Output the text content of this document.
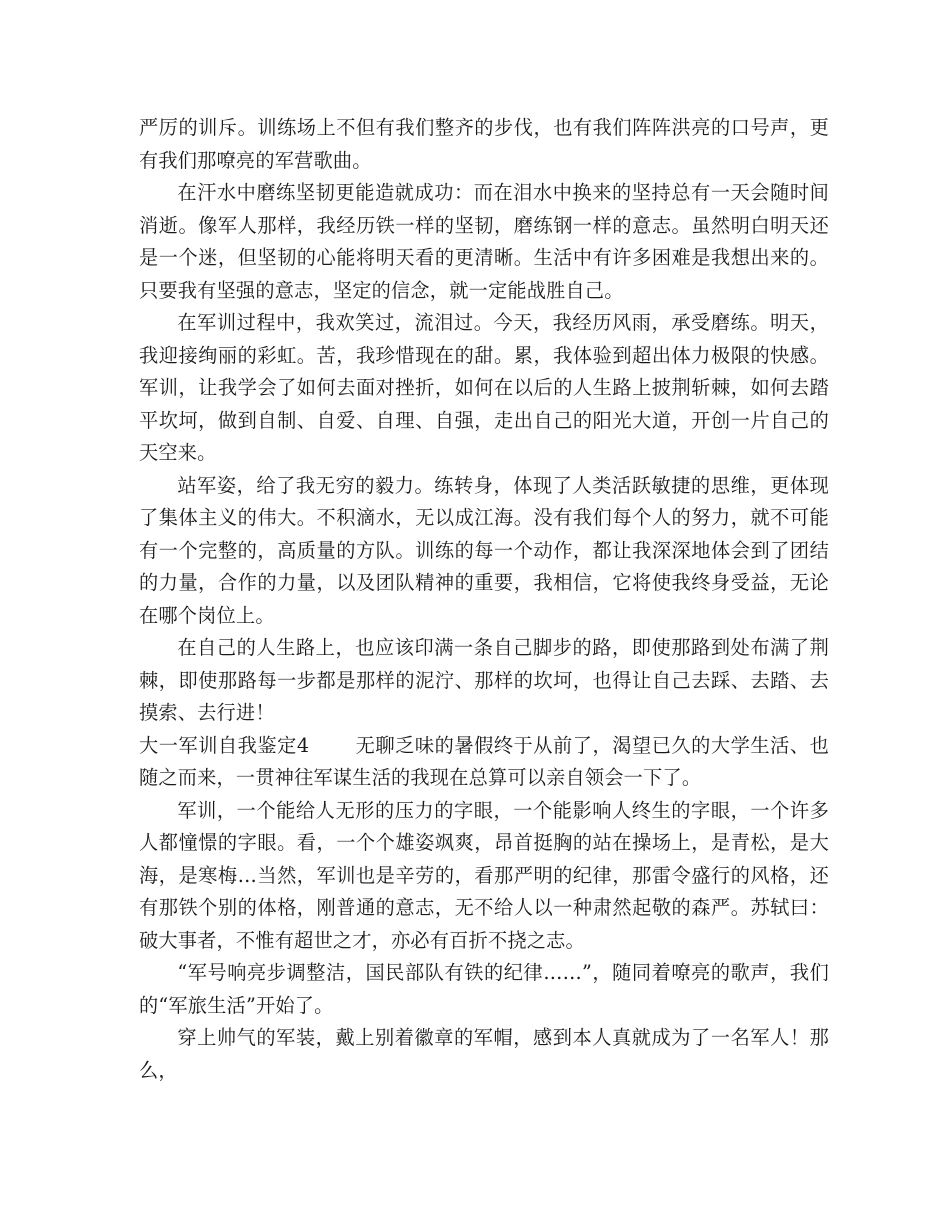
严厉的训斥。训练场上不但有我们整齐的步伐，也有我们阵阵洪亮的口号声，更有我们那嘹亮的军营歌曲。

在汗水中磨练坚韧更能造就成功：而在泪水中换来的坚持总有一天会随时间消逝。像军人那样，我经历铁一样的坚韧，磨练钢一样的意志。虽然明白明天还是一个迷，但坚韧的心能将明天看的更清晰。生活中有许多困难是我想出来的。只要我有坚强的意志，坚定的信念，就一定能战胜自己。

在军训过程中，我欢笑过，流泪过。今天，我经历风雨，承受磨练。明天，我迎接绚丽的彩虹。苦，我珍惜现在的甜。累，我体验到超出体力极限的快感。军训，让我学会了如何去面对挫折，如何在以后的人生路上披荆斩棘，如何去踏平坎坷，做到自制、自爱、自理、自强，走出自己的阳光大道，开创一片自己的天空来。

站军姿，给了我无穷的毅力。练转身，体现了人类活跃敏捷的思维，更体现了集体主义的伟大。不积滴水，无以成江海。没有我们每个人的努力，就不可能有一个完整的，高质量的方队。训练的每一个动作，都让我深深地体会到了团结的力量，合作的力量，以及团队精神的重要，我相信，它将使我终身受益，无论在哪个岗位上。

在自己的人生路上，也应该印满一条自己脚步的路，即使那路到处布满了荆棘，即使那路每一步都是那样的泥泞、那样的坎坷，也得让自己去踩、去踏、去摸索、去行进！

大一军训自我鉴定4 无聊乏味的暑假终于从前了，渴望已久的大学生活、也随之而来，一贯神往军谋生活的我现在总算可以亲自领会一下了。

军训，一个能给人无形的压力的字眼，一个能影响人终生的字眼，一个许多人都憧憬的字眼。看，一个个雄姿飒爽，昂首挺胸的站在操场上，是青松，是大海，是寒梅…当然，军训也是辛劳的，看那严明的纪律，那雷令盛行的风格，还有那铁个别的体格，刚普通的意志，无不给人以一种肃然起敬的森严。苏轼曰：破大事者，不惟有超世之才，亦必有百折不挠之志。

“军号响亮步调整洁，国民部队有铁的纪律……”，随同着嘹亮的歌声，我们的“军旅生活”开始了。

穿上帅气的军装，戴上别着徽章的军帽，感到本人真就成为了一名军人！那么，
